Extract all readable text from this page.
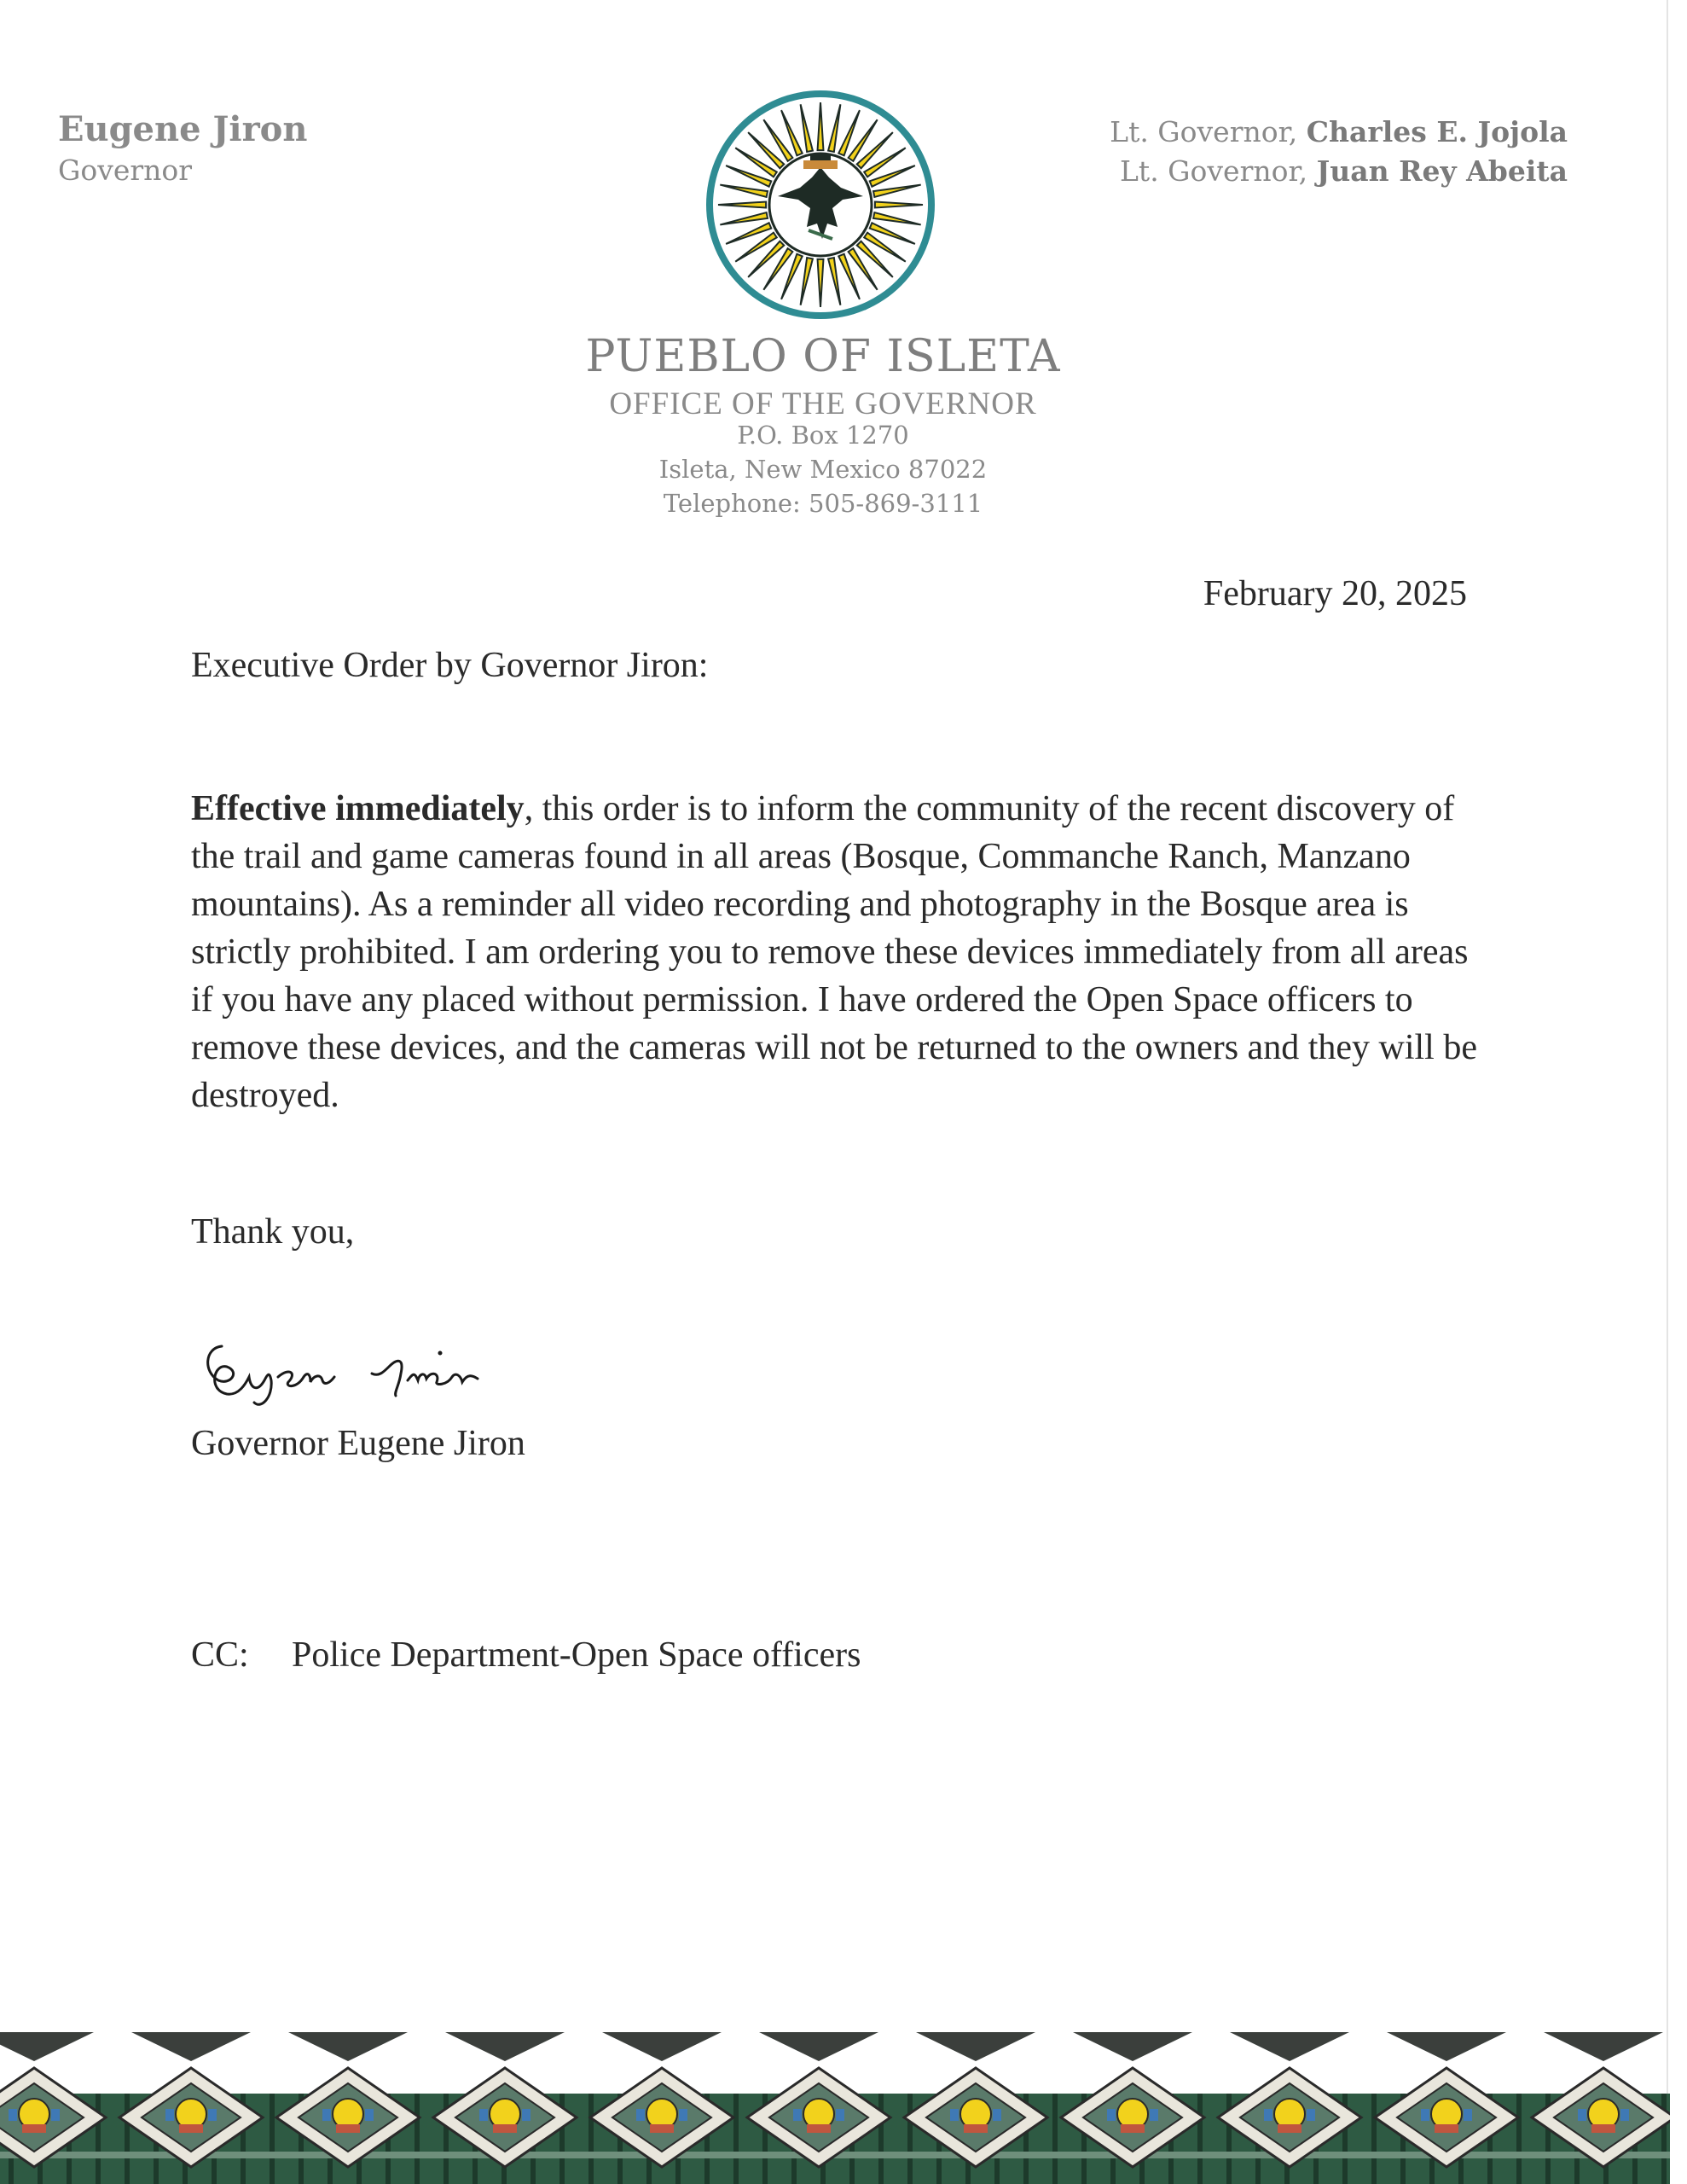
Eugene Jiron
Governor
Lt. Governor, Charles E. Jojola
Lt. Governor, Juan Rey Abeita
PUEBLO OF ISLETA
OFFICE OF THE GOVERNOR
P.O. Box 1270
Isleta, New Mexico 87022
Telephone: 505-869-3111
February 20, 2025
Executive Order by Governor Jiron:
Effective immediately, this order is to inform the community of the recent discovery of the trail and game cameras found in all areas (Bosque, Commanche Ranch, Manzano mountains). As a reminder all video recording and photography in the Bosque area is strictly prohibited. I am ordering you to remove these devices immediately from all areas if you have any placed without permission. I have ordered the Open Space officers to remove these devices, and the cameras will not be returned to the owners and they will be destroyed.
Thank you,
Governor Eugene Jiron
CC: Police Department-Open Space officers
